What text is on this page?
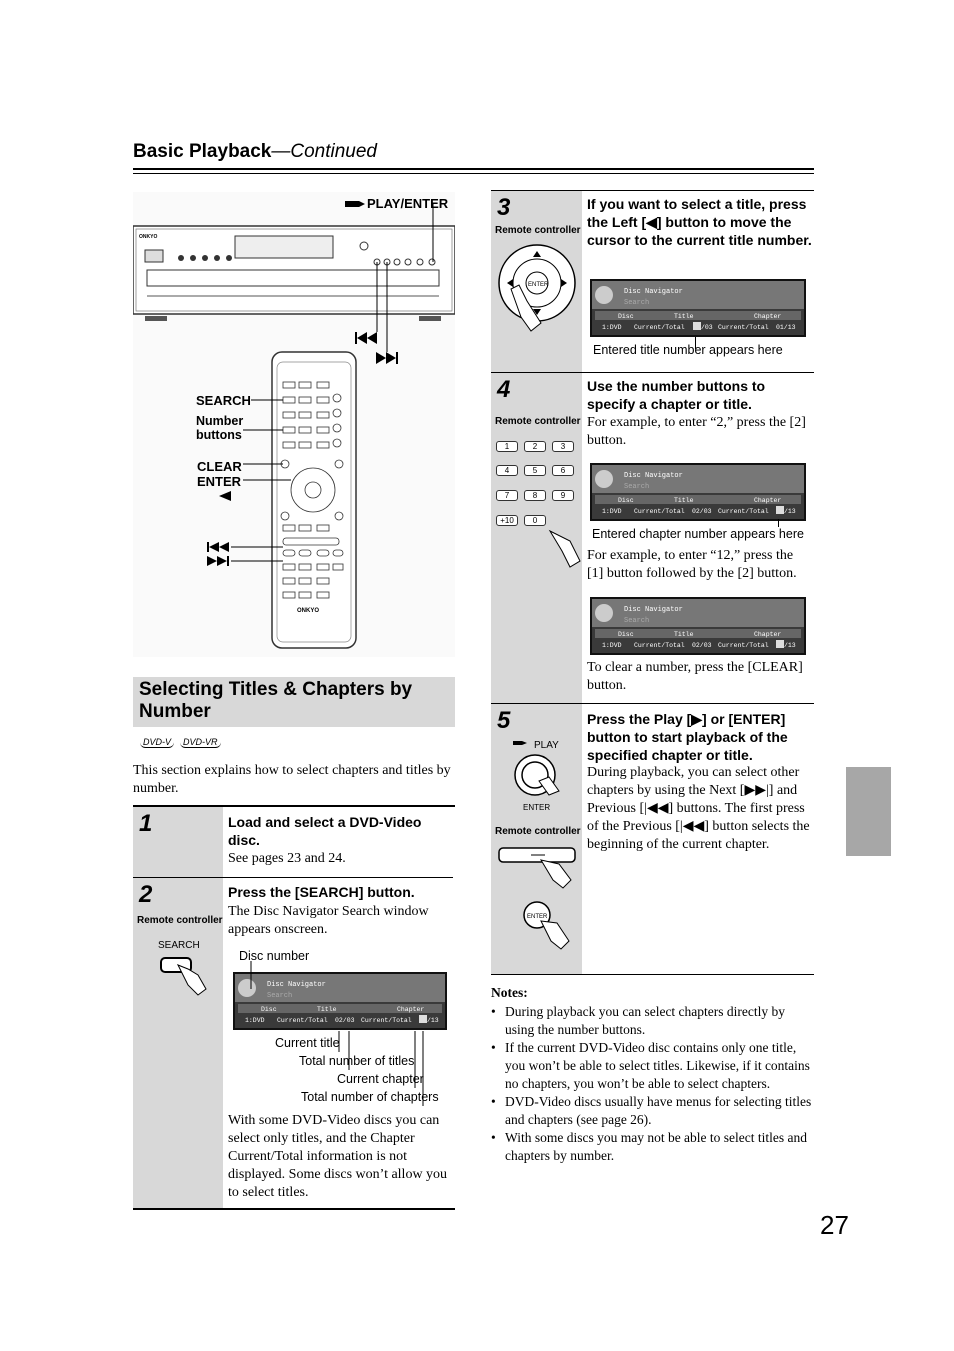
Basic Playback—Continued
27
ONKYO
ONKYO
PLAY/ENTER
SEARCH
Number
buttons
CLEAR
ENTER
Selecting Titles & Chapters by
Number
DVD-V	DVD-VR
This section explains how to select chapters and titles by number.
1	Load and select a DVD-Video disc.
See pages 23 and 24.
2
Remote controller
SEARCH
Press the [SEARCH] button.
The Disc Navigator Search window appears onscreen.
Disc number
Disc Navigator
Search
Disc	Title	Chapter
1:DVD Current/Total 02/03 Current/Total /13
Current title
Total number of titles
Current chapter
Total number of chapters
With some DVD-Video discs you can select only titles, and the Chapter Current/Total information is not displayed. Some discs won’t allow you to select titles.
3
Remote controller
ENTER
If you want to select a title, press the Left [◀] button to move the cursor to the current title number.
Disc Navigator
Search
Disc	Title	Chapter
1:DVD Current/Total	/03 Current/Total 01/13
Entered title number appears here
4
Remote controller
1	2	3
4	5	6
7	8	9
+10	0
Use the number buttons to specify a chapter or title.
For example, to enter “2,” press the [2] button.
Disc Navigator
Search
Disc	Title	Chapter
1:DVD Current/Total 02/03 Current/Total /13
Entered chapter number appears here
For example, to enter “12,” press the [1] button followed by the [2] button.
Disc Navigator
Search
Disc	Title	Chapter
1:DVD Current/Total 02/03 Current/Total /13
To clear a number, press the [CLEAR] button.
5
PLAY
ENTER
Remote controller
ENTER
Press the Play [▶] or [ENTER] button to start playback of the specified chapter or title.
During playback, you can select other chapters by using the Next [▶▶|] and Previous [|◀◀] buttons. The first press of the Previous [|◀◀] button selects the beginning of the current chapter.
Notes:
• During playback you can select chapters directly by using the number buttons.
• If the current DVD-Video disc contains only one title, you won’t be able to select titles. Likewise, if it contains no chapters, you won’t be able to select chapters.
• DVD-Video discs usually have menus for selecting titles and chapters (see page 26).
• With some discs you may not be able to select titles and chapters by number.
